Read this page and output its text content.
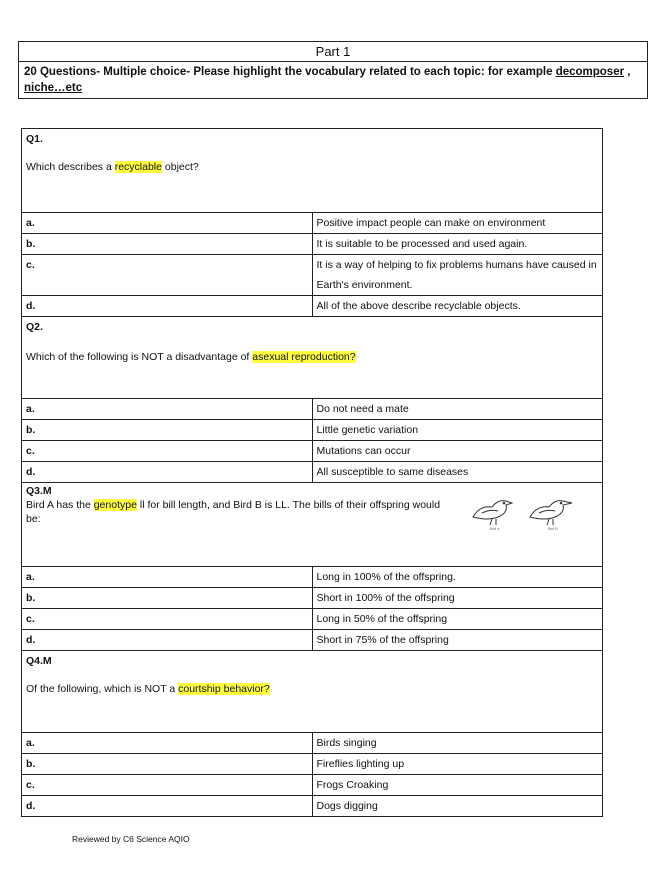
Part 1
20 Questions- Multiple choice- Please highlight the vocabulary related to each topic: for example decomposer , niche…etc
Q1.
Which describes a recyclable object?	

a.	Positive impact people can make on environment
b.	It is suitable to be processed and used again.
c.	It is a way of helping to fix problems humans have caused in Earth's environment.
d.	All of the above describe recyclable objects.

Q2.
Which of the following is NOT a disadvantage of asexual reproduction?	

a.	Do not need a mate
b.	Little genetic variation
c.	Mutations can occur
d.	All susceptible to same diseases

Q3.M
Bird A has the genotype ll for bill length, and Bird B is LL. The bills of their offspring would be:
Bird a Bird B	

a.	Long in 100% of the offspring.
b.	Short in 100% of the offspring
c.	Long in 50% of the offspring
d.	Short in 75% of the offspring

Q4.M
Of the following, which is NOT a courtship behavior?	

a.	Birds singing
b.	Fireflies lighting up
c.	Frogs Croaking
d.	Dogs digging
Reviewed by C6 Science AQIO
